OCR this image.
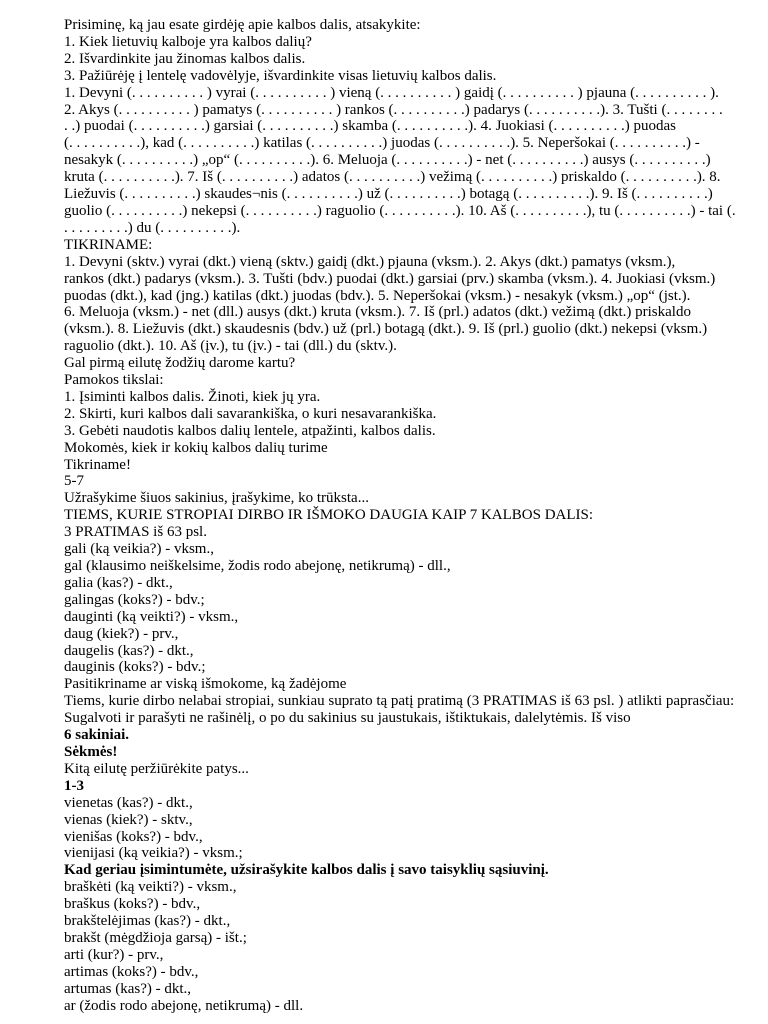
Prisiminę, ką jau esate girdėję apie kalbos dalis, atsakykite:
1. Kiek lietuvių kalboje yra kalbos dalių?
2. Išvardinkite jau žinomas kalbos dalis.
3. Pažiūrėję į lentelę vadovėlyje, išvardinkite visas lietuvių kalbos dalis.
1. Devyni (. . . . . . . . . . ) vyrai (. . . . . . . . . . ) vieną (. . . . . . . . . . ) gaidį (. . . . . . . . . . ) pjauna (. . . . . . . . . . ).
2. Akys (. . . . . . . . . . ) pamatys (. . . . . . . . . . ) rankos (. . . . . . . . . .) padarys (. . . . . . . . . .). 3. Tušti (. . . . . . . .
. .) puodai (. . . . . . . . . .) garsiai (. . . . . . . . . .) skamba (. . . . . . . . . .). 4. Juokiasi (. . . . . . . . . .) puodas
(. . . . . . . . . .), kad (. . . . . . . . . .) katilas (. . . . . . . . . .) juodas (. . . . . . . . . .). 5. Neperšokai (. . . . . . . . . .) -
nesakyk (. . . . . . . . . .) „op“ (. . . . . . . . . .). 6. Meluoja (. . . . . . . . . .) - net (. . . . . . . . . .) ausys (. . . . . . . . . .)
kruta (. . . . . . . . . .). 7. Iš (. . . . . . . . . .) adatos (. . . . . . . . . .) vežimą (. . . . . . . . . .) priskaldo (. . . . . . . . . .). 8.
Liežuvis (. . . . . . . . . .) skaudes¬nis (. . . . . . . . . .) už (. . . . . . . . . .) botagą (. . . . . . . . . .). 9. Iš (. . . . . . . . . .)
guolio (. . . . . . . . . .) nekepsi (. . . . . . . . . .) raguolio (. . . . . . . . . .). 10. Aš (. . . . . . . . . .), tu (. . . . . . . . . .) - tai (.
. . . . . . . . .) du (. . . . . . . . . .).
TIKRINAME:
1. Devyni (sktv.) vyrai (dkt.) vieną (sktv.) gaidį (dkt.) pjauna (vksm.). 2. Akys (dkt.) pamatys (vksm.),
rankos (dkt.) padarys (vksm.). 3. Tušti (bdv.) puodai (dkt.) garsiai (prv.) skamba (vksm.). 4. Juokiasi (vksm.)
puodas (dkt.), kad (jng.) katilas (dkt.) juodas (bdv.). 5. Neperšokai (vksm.) - nesakyk (vksm.) „op“ (jst.).
6. Meluoja (vksm.) - net (dll.) ausys (dkt.) kruta (vksm.). 7. Iš (prl.) adatos (dkt.) vežimą (dkt.) priskaldo
(vksm.). 8. Liežuvis (dkt.) skaudesnis (bdv.) už (prl.) botagą (dkt.). 9. Iš (prl.) guolio (dkt.) nekepsi (vksm.)
raguolio (dkt.). 10. Aš (įv.), tu (įv.) - tai (dll.) du (sktv.).
Gal pirmą eilutę žodžių darome kartu?
Pamokos tikslai:
1. Įsiminti kalbos dalis. Žinoti, kiek jų yra.
2. Skirti, kuri kalbos dali savarankiška, o kuri nesavarankiška.
3. Gebėti naudotis kalbos dalių lentele, atpažinti, kalbos dalis.
Mokomės, kiek ir kokių kalbos dalių turime
Tikriname!
5-7
Užrašykime šiuos sakinius, įrašykime, ko trūksta...
TIEMS, KURIE STROPIAI DIRBO IR IŠMOKO DAUGIA KAIP 7 KALBOS DALIS:
3 PRATIMAS iš 63 psl.
gali (ką veikia?) - vksm.,
gal (klausimo neiškelsime, žodis rodo abejonę, netikrumą) - dll.,
galia (kas?) - dkt.,
galingas (koks?) - bdv.;
dauginti (ką veikti?) - vksm.,
daug (kiek?) - prv.,
daugelis (kas?) - dkt.,
dauginis (koks?) - bdv.;
Pasitikriname ar viską išmokome, ką žadėjome
Tiems, kurie dirbo nelabai stropiai, sunkiau suprato tą patį pratimą (3 PRATIMAS iš 63 psl. ) atlikti paprasčiau: Sugalvoti ir parašyti ne rašinėlį, o po du sakinius su jaustukais, ištiktukais, dalelytėmis. Iš viso
6 sakiniai.
Sėkmės!
Kitą eilutę peržiūrėkite patys...
1-3
vienetas (kas?) - dkt.,
vienas (kiek?) - sktv.,
vienišas (koks?) - bdv.,
vienijasi (ką veikia?) - vksm.;
Kad geriau įsimintumėte, užsirašykite kalbos dalis į savo taisyklių sąsiuvinį.
braškėti (ką veikti?) - vksm.,
braškus (koks?) - bdv.,
brakštelėjimas (kas?) - dkt.,
brakšt (mėgdžioja garsą) - išt.;
arti (kur?) - prv.,
artimas (koks?) - bdv.,
artumas (kas?) - dkt.,
ar (žodis rodo abejonę, netikrumą) - dll.
